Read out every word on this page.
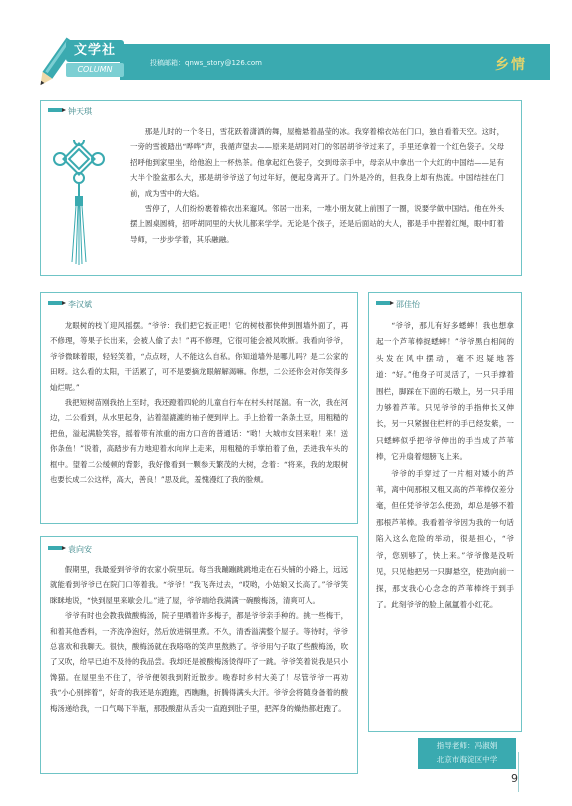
投稿邮箱：qnws_story@126.com	乡情
文学社
COLUMN
钟天琪

那是儿时的一个冬日，雪花跃着潇洒的舞，屋檐悬着晶莹的冰。我穿着棉衣站在门口，独自看着天空。这时，一旁的雪被踏出“哗哗”声，我循声望去——原来是胡同对门的邻居胡爷爷过来了，手里还拿着一个红色袋子。父母招呼他到家里坐，给他泡上一杯热茶。他拿起红色袋子，交到母亲手中，母亲从中拿出一个大红的中国结——足有大半个脸盆那么大，那是胡爷爷送了句过年好，便起身离开了。门外是冷的，但我身上却有热流。中国结挂在门前，成为雪中的大焰。

雪停了，人们纷纷裹着棉衣出来遛风。邻居一出来，一堆小朋友就上前围了一圈，说要学做中国结。他在外头摆上圆桌圆椅，招呼胡同里的大伙儿都来学学。无论是个孩子，还是后面站的大人，都是手中捏着红绳，眼中盯着导师，一步步学着，其乐融融。

李汉斌

龙眼树的枝丫迎风摇摆。“爷爷：我们把它扳正吧！它的树枝都快伸到围墙外面了，再不修理，等果子长出来，会被人偷了去！”再不修理，它很可能会被风吹断。我看向爷爷，爷爷微眯着眼，轻轻笑着，“点点呀，人不能这么自私。你知道墙外是哪儿吗？是二公家的田呀。这么看的太阳，干活累了，可不是要摘龙眼解解渴嘛。你想，二公还你会对你笑得多灿烂呢。”

我把短树苗刚我抬上至时，我还蹬着四轮的儿童自行车在村头村尾溜。有一次，我在河边，二公看到，从水里起身，沾着湿漉漉的袖子便到岸上。手上拾着一条条土豆，用粗糙的把鱼，溢起满脸笑容，摇着带有浓重的南方口音的普通话：“哟！大城市女回来啦！来！送你条鱼！”说着，高踏步有力地迎着水向岸上走来，用粗糙的手掌拍着了鱼，丢进我车头的框中。望着二公缓顿的背影，我好像看到一颗参天繁茂的大树，念着：“将来，我的龙眼树也要长成二公这样，高大，善良！”思及此，羞愧漫红了我的脸颊。

袁向安

假期里，我最爱到爷爷的农家小院里玩。每当我蹦蹦跳跳地走在石头铺的小路上，远远就能看到爷爷已在院门口等着我。“爷爷！”我飞奔过去，“哎哟，小姑娘又长高了。”爷爷笑眯眯地说，“快到屋里来歇会儿。”进了屋，爷爷端给我满满一碗酸梅汤，清爽可人。

爷爷有时也会教我做酸梅汤，院子里晒着许多梅子，都是爷爷亲手种的。挑一些梅干，和着其他香料，一齐洗净泡好，然后放进锅里煮。不久，清香溢满整个屋子。等待时，爷爷总喜欢和我聊天。很快，酸梅汤就在我咯咯的笑声里熬熟了。爷爷用勺子取了些酸梅汤，吹了又吹，给早已迫不及待的我品尝。我却还是被酸梅汤烫得吓了一跳。爷爷笑着说我是只小馋猫。在屋里坐不住了，爷爷便领我到附近散步。晚春时乡村大美了！尽管爷爷一再劝我“小心别摔着”，好奇的我还是东跑跑，西瞧瞧，折腾得满头大汗。爷爷会将随身备着的酸梅汤递给我，一口气喝下半瓶，那股酸甜从舌尖一直跑到肚子里，把浑身的燥热都赶跑了。

邵佳怡

“爷爷，那儿有好多蟋蟀！我也想拿起一个芦苇棒捉蟋蟀！”爷爷黑白相间的头发在风中摆动，毫不迟疑地答道：“好。”他身子可灵活了，一只手撑着围栏，脚踩在下面的石墩上，另一只手用力够着芦苇。只见爷爷的手指伸长又伸长，另一只紧握住栏杆的手已经发紫，一只蟋蟀似乎把爷爷伸出的手当成了芦苇棒，它升扇着翅膀飞上来。

爷爷的手穿过了一片相对矮小的芦苇，离中间那根又粗又高的芦苇棒仅差分毫，但任凭爷爷怎么使劲，却总是够不着那根芦苇棒。我看着爷爷因为我的一句话陷入这么危险的举动，很是担心，“爷爷，您别够了，快上来。”爷爷像是没听见，只见他把另一只脚悬空，使劲向前一探，那支我心心念念的芦苇棒终于到手了。此刻爷爷的脸上氤氲着小红花。

指导老师：冯淑娟
北京市海淀区中学
9
